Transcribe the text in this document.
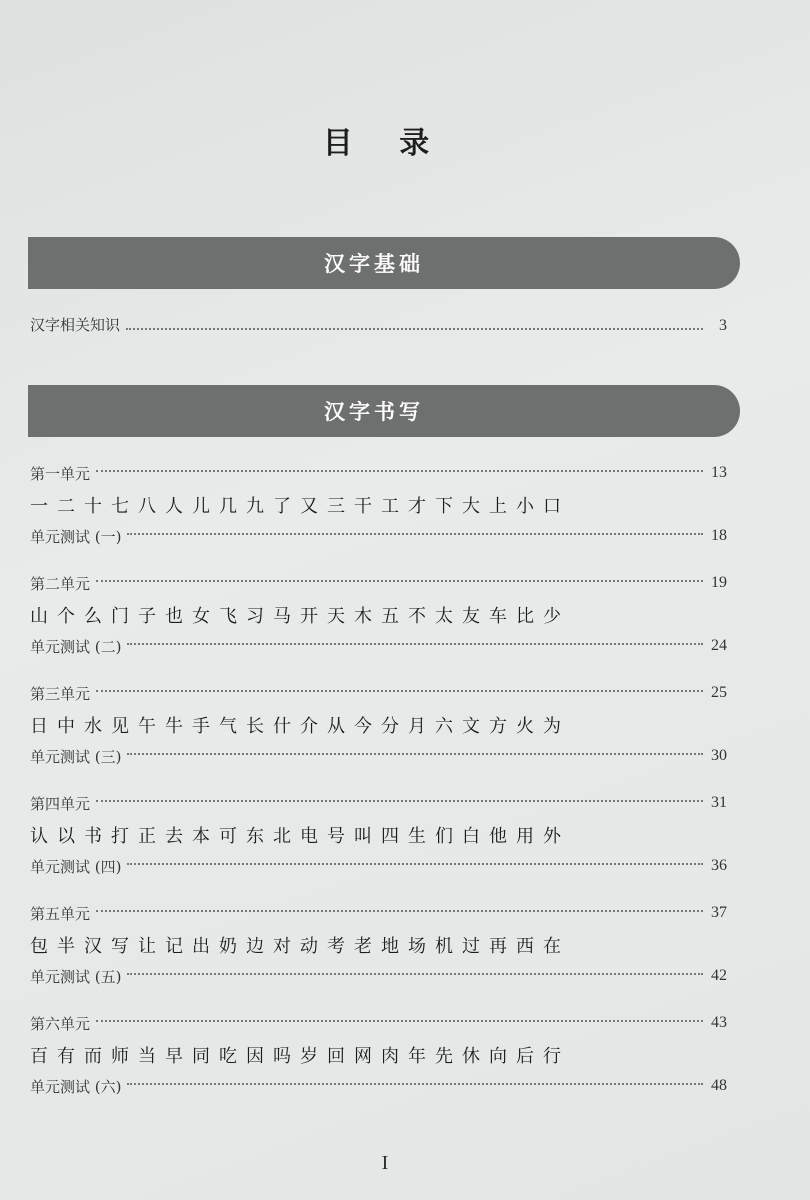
目 录
汉字基础
汉字相关知识	3
汉字书写
第一单元	13
一二十七八人儿几九了又三干工才下大上小口
单元测试 (一)	18
第二单元	19
山个么门子也女飞习马开天木五不太友车比少
单元测试 (二)	24
第三单元	25
日中水见午牛手气长什介从今分月六文方火为
单元测试 (三)	30
第四单元	31
认以书打正去本可东北电号叫四生们白他用外
单元测试 (四)	36
第五单元	37
包半汉写让记出奶边对动考老地场机过再西在
单元测试 (五)	42
第六单元	43
百有而师当早同吃因吗岁回网肉年先休向后行
单元测试 (六)	48
I
